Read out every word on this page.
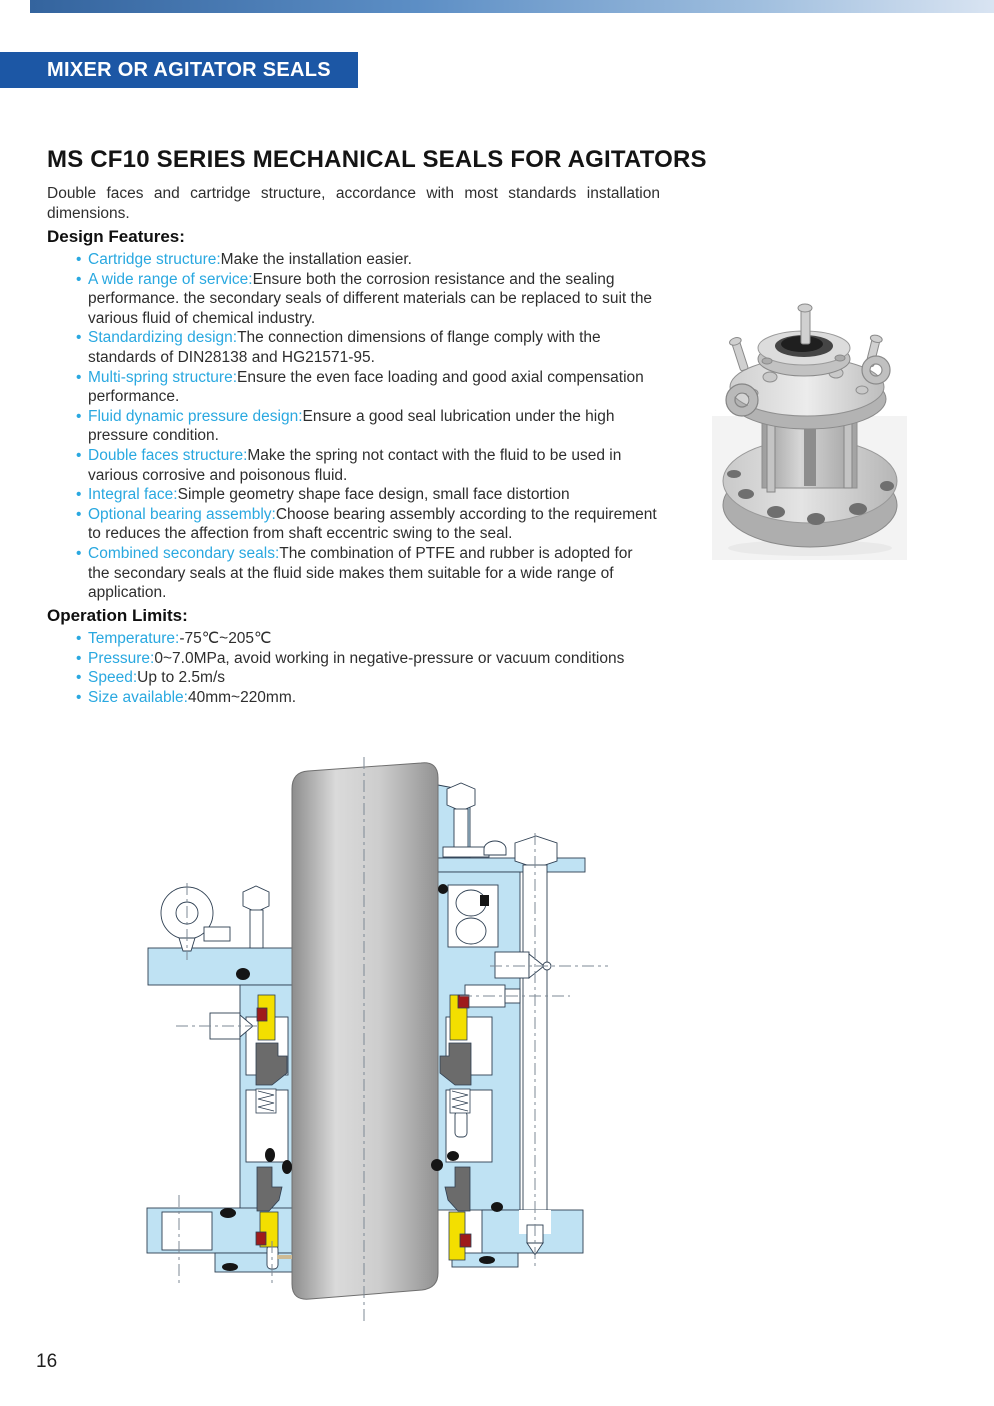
MIXER OR AGITATOR SEALS
MS CF10 SERIES MECHANICAL SEALS FOR AGITATORS

Double faces and cartridge structure, accordance with most standards installation dimensions.

Design Features:
• Cartridge structure:Make the installation easier.
• A wide range of service:Ensure both the corrosion resistance and the sealing performance. the secondary seals of different materials can be replaced to suit the various fluid of chemical industry.
• Standardizing design:The connection dimensions of flange comply with the standards of DIN28138 and HG21571-95.
• Multi-spring structure:Ensure the even face loading and good axial compensation performance.
• Fluid dynamic pressure design:Ensure a good seal lubrication under the high pressure condition.
• Double faces structure:Make the spring not contact with the fluid to be used in various corrosive and poisonous fluid.
• Integral face:Simple geometry shape face design, small face distortion
• Optional bearing assembly:Choose bearing assembly according to the requirement to reduces the affection from shaft eccentric swing to the seal.
• Combined secondary seals:The combination of PTFE and rubber is adopted for the secondary seals at the fluid side makes them suitable for a wide range of application.
Operation Limits:
• Temperature:-75℃~205℃
• Pressure:0~7.0MPa, avoid working in negative-pressure or vacuum conditions
• Speed:Up to 2.5m/s
• Size available:40mm~220mm.
16
